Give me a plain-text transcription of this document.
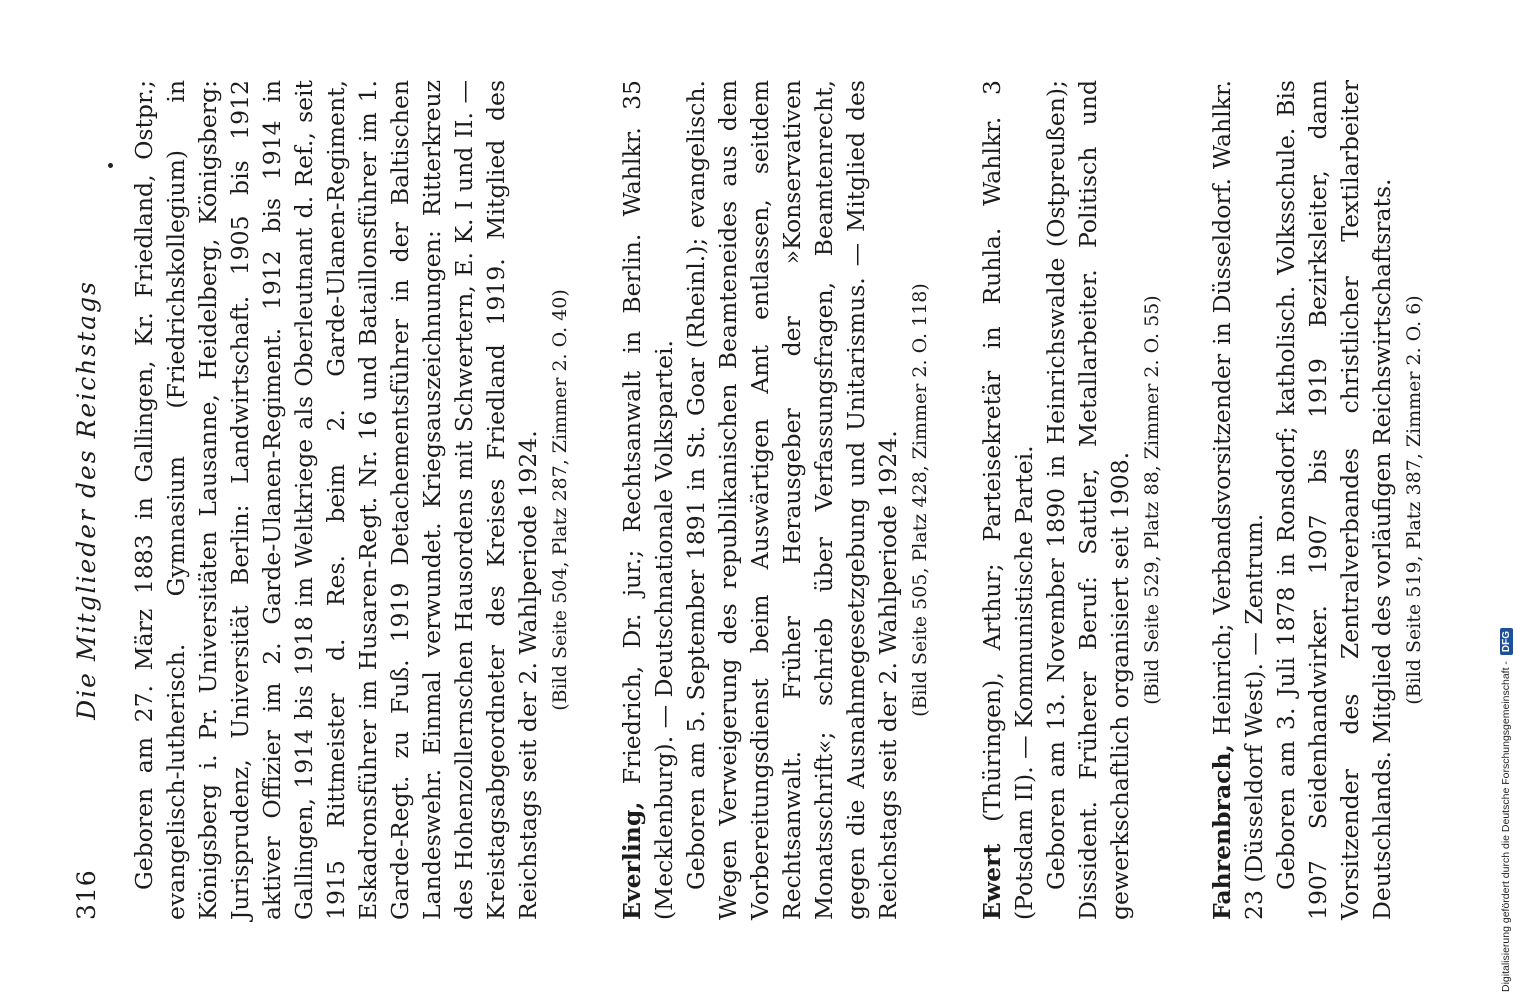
316
Die Mitglieder des Reichstags Geboren am 27. März 1883 in Gallingen, Kr. Friedland, Ostpr.; evangelisch-lutherisch. Gymnasium (Friedrichskollegium) in Königsberg i. Pr. Universitäten Lausanne, Heidelberg, Königsberg: Jurisprudenz, Universität Berlin: Landwirtschaft. 1905 bis 1912 aktiver Offizier im 2. Garde-Ulanen-Regiment. 1912 bis 1914 in Gallingen, 1914 bis 1918 im Weltkriege als Oberleutnant d. Ref., seit 1915 Rittmeister d. Res. beim 2. Garde-Ulanen-Regiment, Eskadronsführer im Husaren-Regt. Nr. 16 und Bataillonsführer im 1. Garde-Regt. zu Fuß. 1919 Detachementsführer in der Baltischen Landeswehr. Einmal verwundet. Kriegsauszeichnungen: Ritterkreuz des Hohenzollernschen Hausordens mit Schwertern, E. K. I und II. — Kreistagsabgeordneter des Kreises Friedland 1919. Mitglied des Reichstags seit der 2. Wahlperiode 1924. (Bild Seite 504, Platz 287, Zimmer 2. O. 40)

Everling, Friedrich, Dr. jur.; Rechtsanwalt in Berlin. Wahlkr. 35 (Mecklenburg). — Deutschnationale Volkspartei. Geboren am 5. September 1891 in St. Goar (Rheinl.); evangelisch. Wegen Verweigerung des republikanischen Beamteneides aus dem Vorbereitungsdienst beim Auswärtigen Amt entlassen, seitdem Rechtsanwalt. Früher Herausgeber der »Konservativen Monatsschrift«; schrieb über Verfassungsfragen, Beamtenrecht, gegen die Ausnahmegesetzgebung und Unitarismus. — Mitglied des Reichstags seit der 2. Wahlperiode 1924. (Bild Seite 505, Platz 428, Zimmer 2. O. 118)

Ewert (Thüringen), Arthur; Parteisekretär in Ruhla. Wahlkr. 3 (Potsdam II). — Kommunistische Partei. Geboren am 13. November 1890 in Heinrichswalde (Ostpreußen); Dissident. Früherer Beruf: Sattler, Metallarbeiter. Politisch und gewerkschaftlich organisiert seit 1908. (Bild Seite 529, Platz 88, Zimmer 2. O. 55)

Fahrenbrach, Heinrich; Verbandsvorsitzender in Düsseldorf. Wahlkr. 23 (Düsseldorf West). — Zentrum. Geboren am 3. Juli 1878 in Ronsdorf; katholisch. Volksschule. Bis 1907 Seidenhandwirker. 1907 bis 1919 Bezirksleiter, dann Vorsitzender des Zentralverbandes christlicher Textilarbeiter Deutschlands. Mitglied des vorläufigen Reichswirtschaftsrats. (Bild Seite 519, Platz 387, Zimmer 2. O. 6)
Digitalisierung gefördert durch die Deutsche Forschungsgemeinschaft -
DFG
